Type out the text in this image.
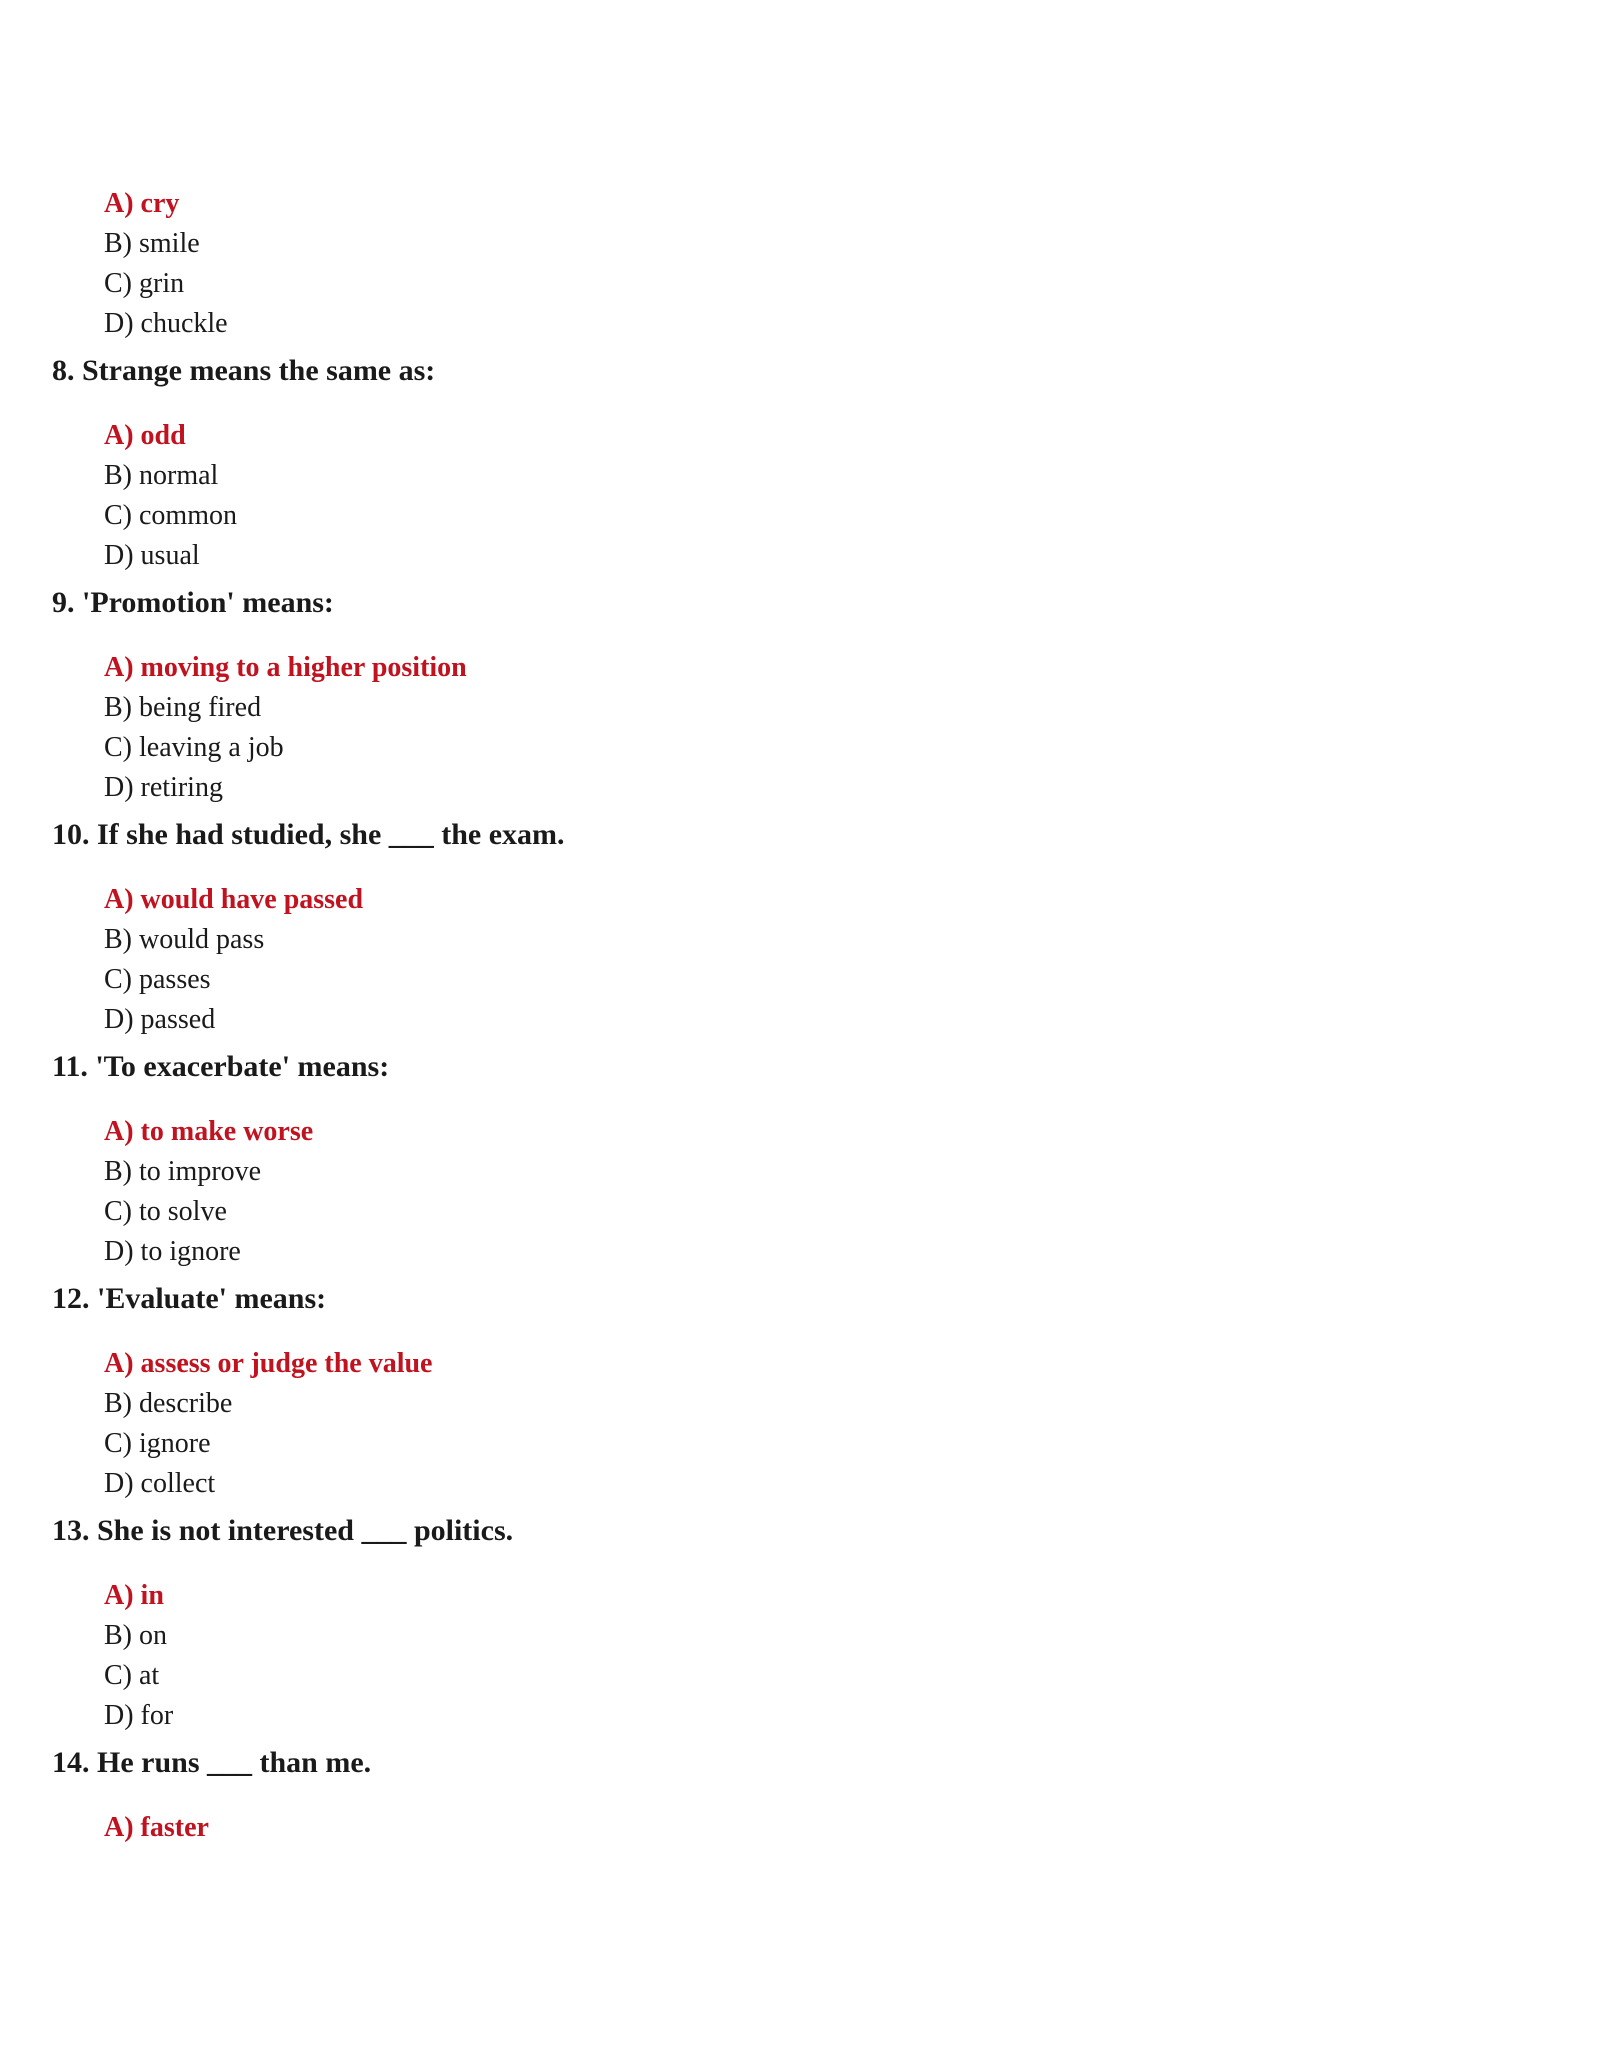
A) cry
B) smile
C) grin
D) chuckle
8. Strange means the same as:
A) odd
B) normal
C) common
D) usual
9. 'Promotion' means:
A) moving to a higher position
B) being fired
C) leaving a job
D) retiring
10. If she had studied, she ___ the exam.
A) would have passed
B) would pass
C) passes
D) passed
11. 'To exacerbate' means:
A) to make worse
B) to improve
C) to solve
D) to ignore
12. 'Evaluate' means:
A) assess or judge the value
B) describe
C) ignore
D) collect
13. She is not interested ___ politics.
A) in
B) on
C) at
D) for
14. He runs ___ than me.
A) faster
